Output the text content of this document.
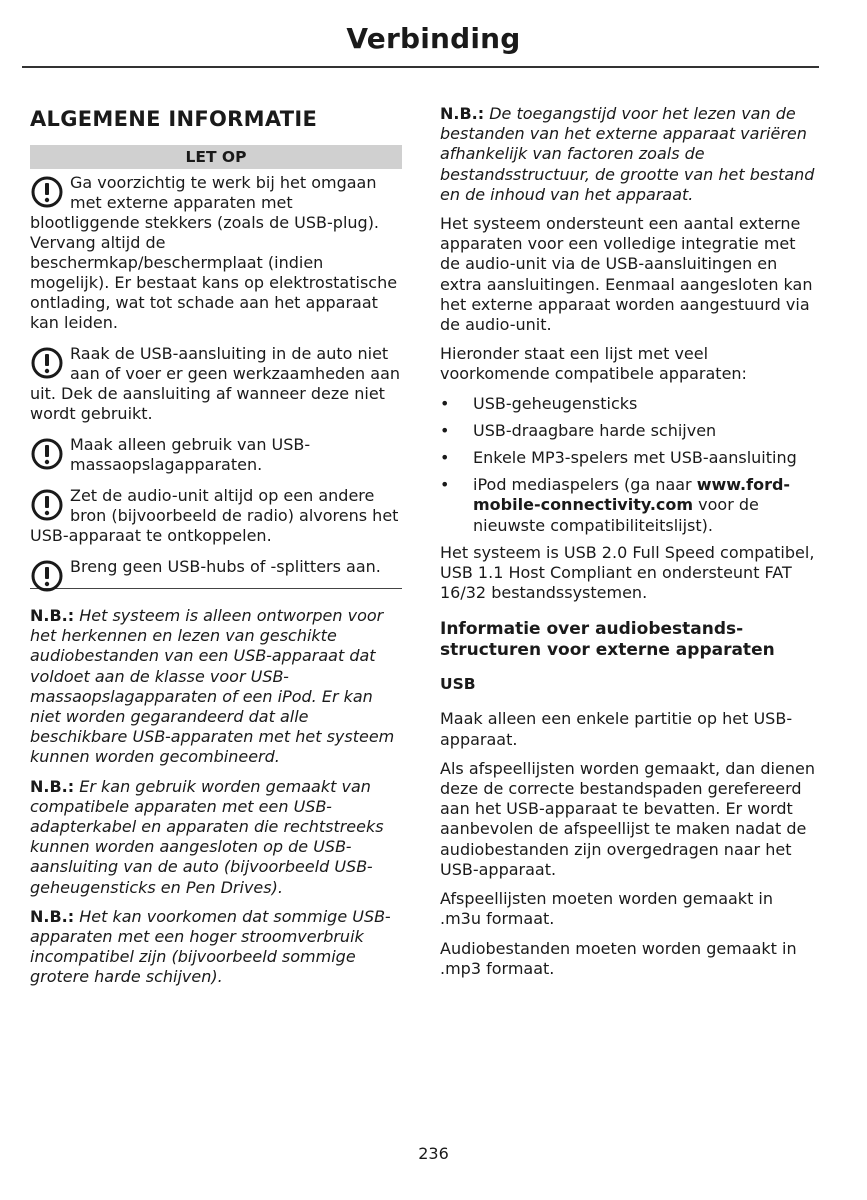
Verbinding
ALGEMENE INFORMATIE
LET OP
Ga voorzichtig te werk bij het omgaan met externe apparaten met blootliggende stekkers (zoals de USB-plug). Vervang altijd de beschermkap/beschermplaat (indien mogelijk). Er bestaat kans op elektrostatische ontlading, wat tot schade aan het apparaat kan leiden.
Raak de USB-aansluiting in de auto niet aan of voer er geen werkzaamheden aan uit. Dek de aansluiting af wanneer deze niet wordt gebruikt.
Maak alleen gebruik van USB-massaopslagapparaten.
Zet de audio-unit altijd op een andere bron (bijvoorbeeld de radio) alvorens het USB-apparaat te ontkoppelen.
Breng geen USB-hubs of -splitters aan.

N.B.: Het systeem is alleen ontworpen voor het herkennen en lezen van geschikte audiobestanden van een USB-apparaat dat voldoet aan de klasse voor USB-massaopslagapparaten of een iPod. Er kan niet worden gegarandeerd dat alle beschikbare USB-apparaten met het systeem kunnen worden gecombineerd.

N.B.: Er kan gebruik worden gemaakt van compatibele apparaten met een USB-adapterkabel en apparaten die rechtstreeks kunnen worden aangesloten op de USB-aansluiting van de auto (bijvoorbeeld USB-geheugensticks en Pen Drives).

N.B.: Het kan voorkomen dat sommige USB-apparaten met een hoger stroomverbruik incompatibel zijn (bijvoorbeeld sommige grotere harde schijven).

N.B.: De toegangstijd voor het lezen van de bestanden van het externe apparaat variëren afhankelijk van factoren zoals de bestandsstructuur, de grootte van het bestand en de inhoud van het apparaat.

Het systeem ondersteunt een aantal externe apparaten voor een volledige integratie met de audio-unit via de USB-aansluitingen en extra aansluitingen. Eenmaal aangesloten kan het externe apparaat worden aangestuurd via de audio-unit.

Hieronder staat een lijst met veel voorkomende compatibele apparaten:

• USB-geheugensticks
• USB-draagbare harde schijven
• Enkele MP3-spelers met USB-aansluiting
• iPod mediaspelers (ga naar www.ford-mobile-connectivity.com voor de nieuwste compatibiliteitslijst).

Het systeem is USB 2.0 Full Speed compatibel, USB 1.1 Host Compliant en ondersteunt FAT 16/32 bestandssystemen.

Informatie over audiobestands-structuren voor externe apparaten
USB

Maak alleen een enkele partitie op het USB-apparaat.

Als afspeellijsten worden gemaakt, dan dienen deze de correcte bestandspaden gerefereerd aan het USB-apparaat te bevatten. Er wordt aanbevolen de afspeellijst te maken nadat de audiobestanden zijn overgedragen naar het USB-apparaat.

Afspeellijsten moeten worden gemaakt in .m3u formaat.

Audiobestanden moeten worden gemaakt in .mp3 formaat.

236
